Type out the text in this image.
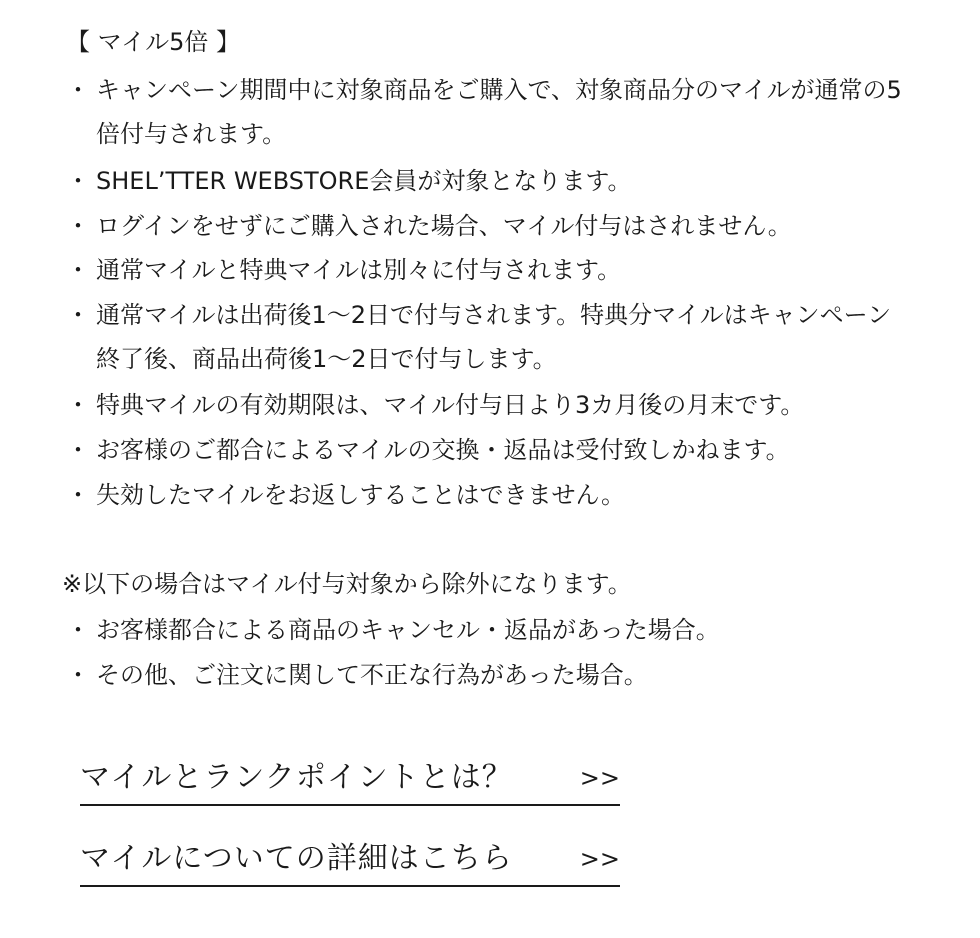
【 マイル5倍 】
・ キャンペーン期間中に対象商品をご購入で、対象商品分のマイルが通常の5倍付与されます。
・ SHEL’TTER WEBSTORE会員が対象となります。
・ ログインをせずにご購入された場合、マイル付与はされません。
・ 通常マイルと特典マイルは別々に付与されます。
・ 通常マイルは出荷後1〜2日で付与されます。特典分マイルはキャンペーン終了後、商品出荷後1〜2日で付与します。
・ 特典マイルの有効期限は、マイル付与日より3カ月後の月末です。
・ お客様のご都合によるマイルの交換・返品は受付致しかねます。
・ 失効したマイルをお返しすることはできません。
※以下の場合はマイル付与対象から除外になります。
・ お客様都合による商品のキャンセル・返品があった場合。
・ その他、ご注文に関して不正な行為があった場合。
マイルとランクポイントとは？	>>
マイルについての詳細はこちら	>>
